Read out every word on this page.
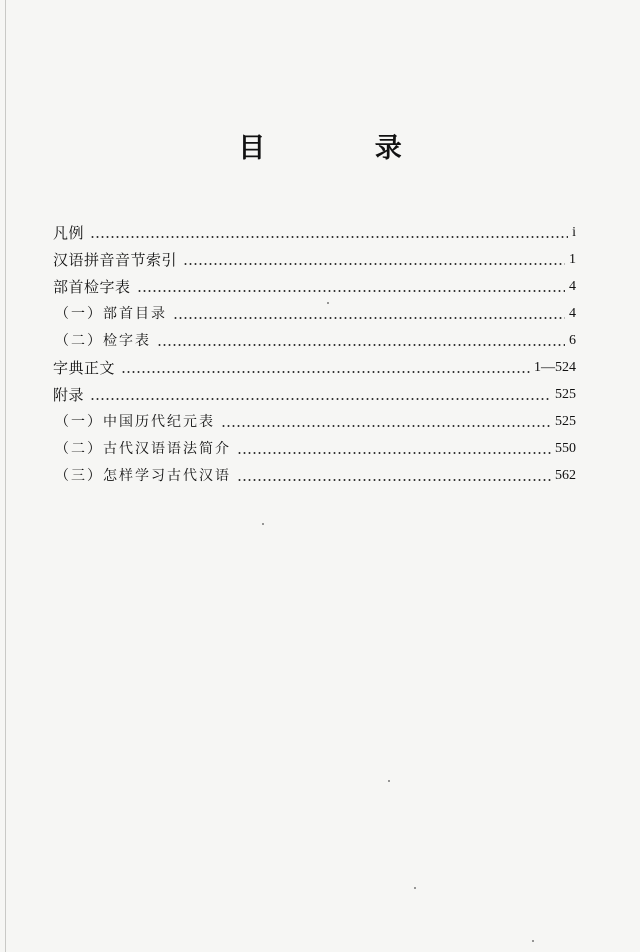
目 录
凡例	i
汉语拼音音节索引	1
部首检字表	4
（一）部首目录	4
（二）检字表	6
字典正文	1—524
附录	525
（一）中国历代纪元表	525
（二）古代汉语语法简介	550
（三）怎样学习古代汉语	562
